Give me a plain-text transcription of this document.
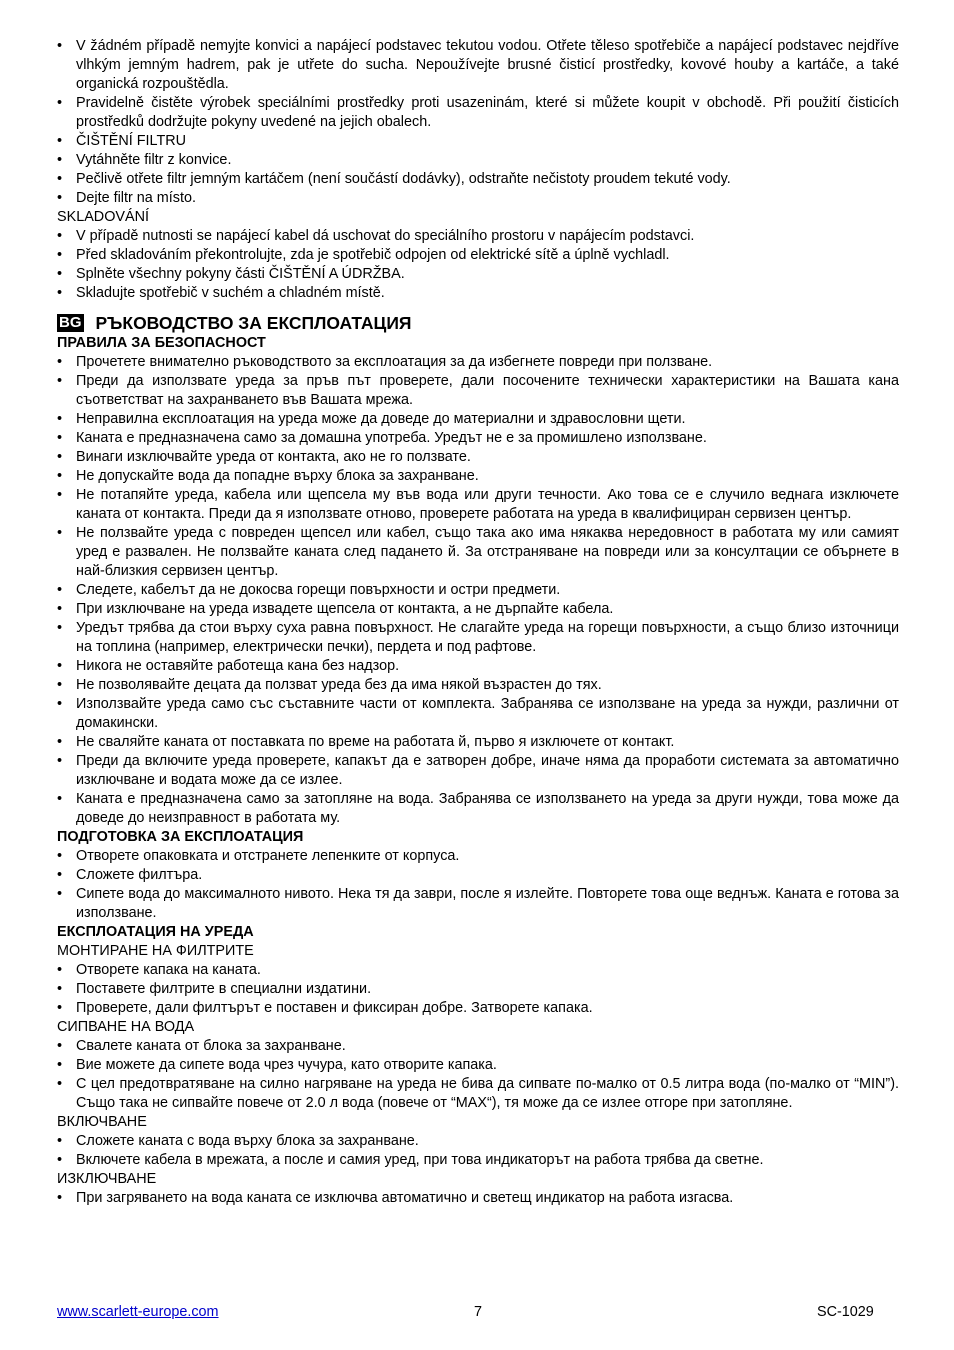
• V žádném případě nemyjte konvici a napájecí podstavec tekutou vodou. Otřete těleso spotřebiče a napájecí podstavec nejdříve vlhkým jemným hadrem, pak je utřete do sucha. Nepoužívejte brusné čisticí prostředky, kovové houby a kartáče, a také organická rozpouštědla.
• Pravidelně čistěte výrobek speciálními prostředky proti usazeninám, které si můžete koupit v obchodě. Při použití čisticích prostředků dodržujte pokyny uvedené na jejich obalech.
• ČIŠTĚNÍ FILTRU
• Vytáhněte filtr z konvice.
• Pečlivě otřete filtr jemným kartáčem (není součástí dodávky), odstraňte nečistoty proudem tekuté vody.
• Dejte filtr na místo.

SKLADOVÁNÍ

• V případě nutnosti se napájecí kabel dá uschovat do speciálního prostoru v napájecím podstavci.
• Před skladováním překontrolujte, zda je spotřebič odpojen od elektrické sítě a úplně vychladl.
• Splněte všechny pokyny části ČIŠTĚNÍ A ÚDRŽBA.
• Skladujte spotřebič v suchém a chladném místě.
BG РЪКОВОДСТВО ЗА ЕКСПЛОАТАЦИЯ

ПРАВИЛА ЗА БЕЗОПАСНОСТ

• Прочетете внимателно ръководството за експлоатация за да избегнете повреди при ползване.
• Преди да използвате уреда за пръв път проверете, дали посочените технически характеристики на Вашата кана съответстват на захранването във Вашата мрежа.
• Неправилна експлоатация на уреда може да доведе до материални и здравословни щети.
• Каната е предназначена само за домашна употреба. Уредът не е за промишлено използване.
• Винаги изключвайте уреда от контакта, ако не го ползвате.
• Не допускайте вода да попадне върху блока за захранване.
• Не потапяйте уреда, кабела или щепсела му във вода или други течности. Ако това се е случило веднага изключете каната от контакта. Преди да я използвате отново, проверете работата на уреда в квалифициран сервизен център.
• Не ползвайте уреда с повреден щепсел или кабел, също така ако има някаква нередовност в работата му или самият уред е развален. Не ползвайте каната след падането й. За отстраняване на повреди или за консултации се обърнете в най-близкия сервизен център.
• Следете, кабелът да не докосва горещи повърхности и остри предмети.
• При изключване на уреда извадете щепсела от контакта, а не дърпайте кабела.
• Уредът трябва да стои върху суха равна повърхност. Не слагайте уреда на горещи повърхности, а също близо източници на топлина (например, електрически печки), пердета и под рафтове.
• Никога не оставяйте работеща кана без надзор.
• Не позволявайте децата да ползват уреда без да има някой възрастен до тях.
• Използвайте уреда само със съставните части от комплекта. Забранява се използване на уреда за нужди, различни от домакински.
• Не сваляйте каната от поставката по време на работата й, първо я изключете от контакт.
• Преди да включите уреда проверете, капакът да е затворен добре, иначе няма да проработи системата за автоматично изключване и водата може да се излее.
• Каната е предназначена само за затопляне на вода. Забранява се използването на уреда за други нужди, това може да доведе до неизправност в работата му.

ПОДГОТОВКА ЗА ЕКСПЛОАТАЦИЯ

• Отворете опаковката и отстранете лепенките от корпуса.
• Сложете филтъра.
• Сипете вода до максималното нивото. Нека тя да заври, после я излейте. Повторете това още веднъж. Каната е готова за използване.

ЕКСПЛОАТАЦИЯ НА УРЕДА

МОНТИРАНЕ НА ФИЛТРИТЕ

• Отворете капака на каната.
• Поставете филтрите в специални издатини.
• Проверете, дали филтърът е поставен и фиксиран добре. Затворете капака.

СИПВАНЕ НА ВОДА

• Свалете каната от блока за захранване.
• Вие можете да сипете вода чрез чучура, като отворите капака.
• С цел предотвратяване на силно нагряване на уреда не бива да сипвате по-малко от 0.5 литра вода (по-малко от “MIN”). Също така не сипвайте повече от 2.0 л вода (повече от “MAX“), тя може да се излее отгоре при затопляне.

ВКЛЮЧВАНЕ

• Сложете каната с вода върху блока за захранване.
• Включете кабела в мрежата, а после и самия уред, при това индикаторът на работа трябва да светне.

ИЗКЛЮЧВАНЕ

• При загряването на вода каната се изключва автоматично и светещ индикатор на работа изгасва.
www.scarlett-europe.com	7	SC-1029
